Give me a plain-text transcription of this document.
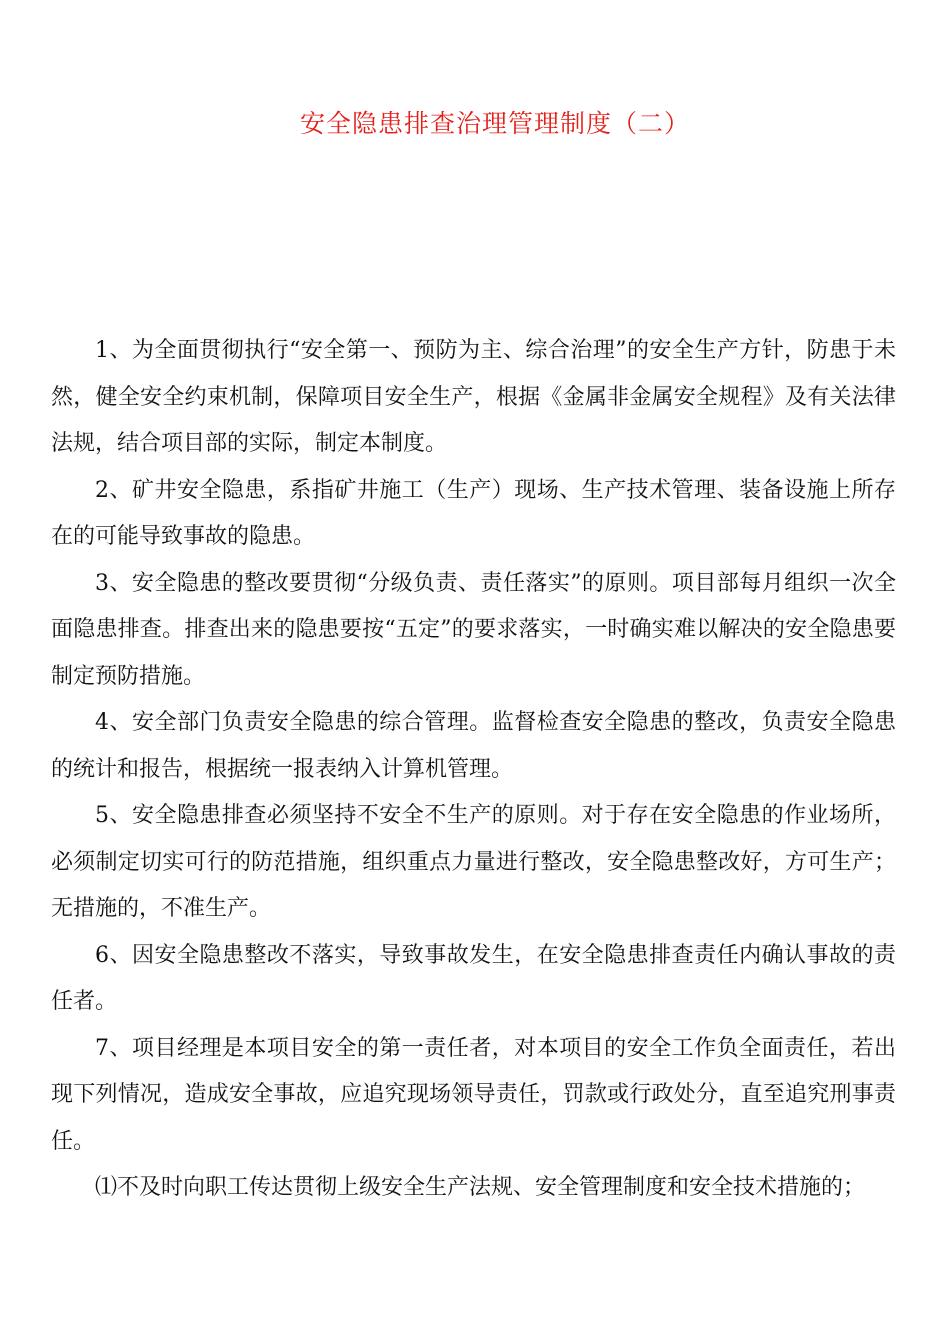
安全隐患排查治理管理制度（二）

1、为全面贯彻执行“安全第一、预防为主、综合治理”的安全生产方针，防患于未然，健全安全约束机制，保障项目安全生产，根据《金属非金属安全规程》及有关法律法规，结合项目部的实际，制定本制度。

2、矿井安全隐患，系指矿井施工（生产）现场、生产技术管理、装备设施上所存在的可能导致事故的隐患。

3、安全隐患的整改要贯彻“分级负责、责任落实”的原则。项目部每月组织一次全面隐患排查。排查出来的隐患要按“五定”的要求落实，一时确实难以解决的安全隐患要制定预防措施。

4、安全部门负责安全隐患的综合管理。监督检查安全隐患的整改，负责安全隐患的统计和报告，根据统一报表纳入计算机管理。

5、安全隐患排查必须坚持不安全不生产的原则。对于存在安全隐患的作业场所，必须制定切实可行的防范措施，组织重点力量进行整改，安全隐患整改好，方可生产；无措施的，不准生产。

6、因安全隐患整改不落实，导致事故发生，在安全隐患排查责任内确认事故的责任者。

7、项目经理是本项目安全的第一责任者，对本项目的安全工作负全面责任，若出现下列情况，造成安全事故，应追究现场领导责任，罚款或行政处分，直至追究刑事责任。

⑴不及时向职工传达贯彻上级安全生产法规、安全管理制度和安全技术措施的；
